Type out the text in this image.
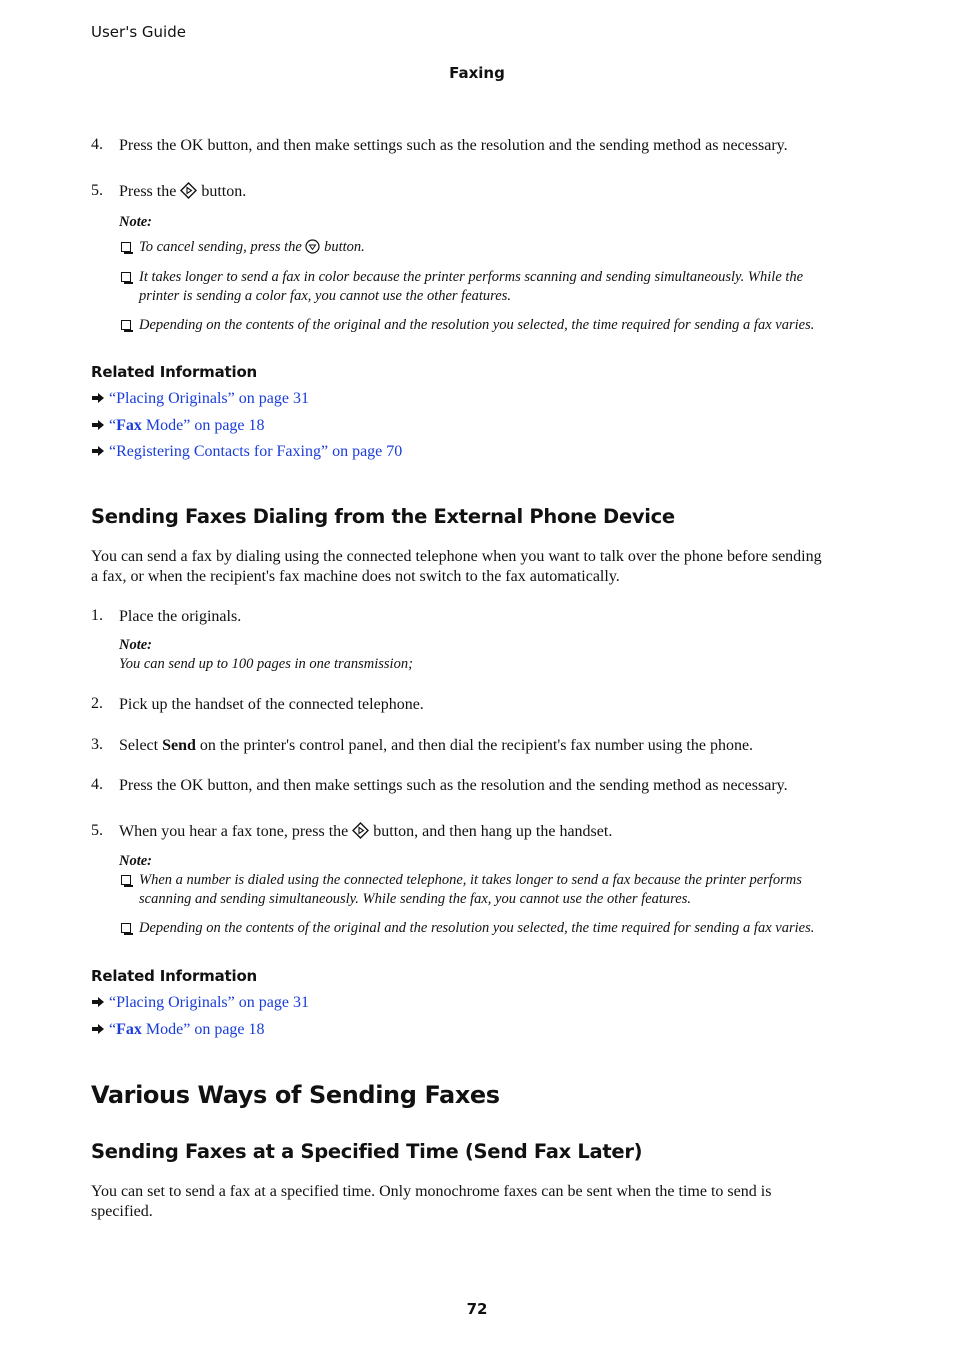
User's Guide
Faxing
4. Press the OK button, and then make settings such as the resolution and the sending method as necessary.
5. Press the button.
Note:
To cancel sending, press the button.
It takes longer to send a fax in color because the printer performs scanning and sending simultaneously. While the
printer is sending a color fax, you cannot use the other features.
Depending on the contents of the original and the resolution you selected, the time required for sending a fax varies.
Related Information
“Placing Originals” on page 31
“Fax Mode” on page 18
“Registering Contacts for Faxing” on page 70
Sending Faxes Dialing from the External Phone Device
You can send a fax by dialing using the connected telephone when you want to talk over the phone before sending
a fax, or when the recipient's fax machine does not switch to the fax automatically.
1. Place the originals.
Note:
You can send up to 100 pages in one transmission;
2. Pick up the handset of the connected telephone.
3. Select Send on the printer's control panel, and then dial the recipient's fax number using the phone.
4. Press the OK button, and then make settings such as the resolution and the sending method as necessary.
5. When you hear a fax tone, press the button, and then hang up the handset.
Note:
When a number is dialed using the connected telephone, it takes longer to send a fax because the printer performs
scanning and sending simultaneously. While sending the fax, you cannot use the other features.
Depending on the contents of the original and the resolution you selected, the time required for sending a fax varies.
Related Information
“Placing Originals” on page 31
“Fax Mode” on page 18
Various Ways of Sending Faxes
Sending Faxes at a Specified Time (Send Fax Later)
You can set to send a fax at a specified time. Only monochrome faxes can be sent when the time to send is
specified.
72
